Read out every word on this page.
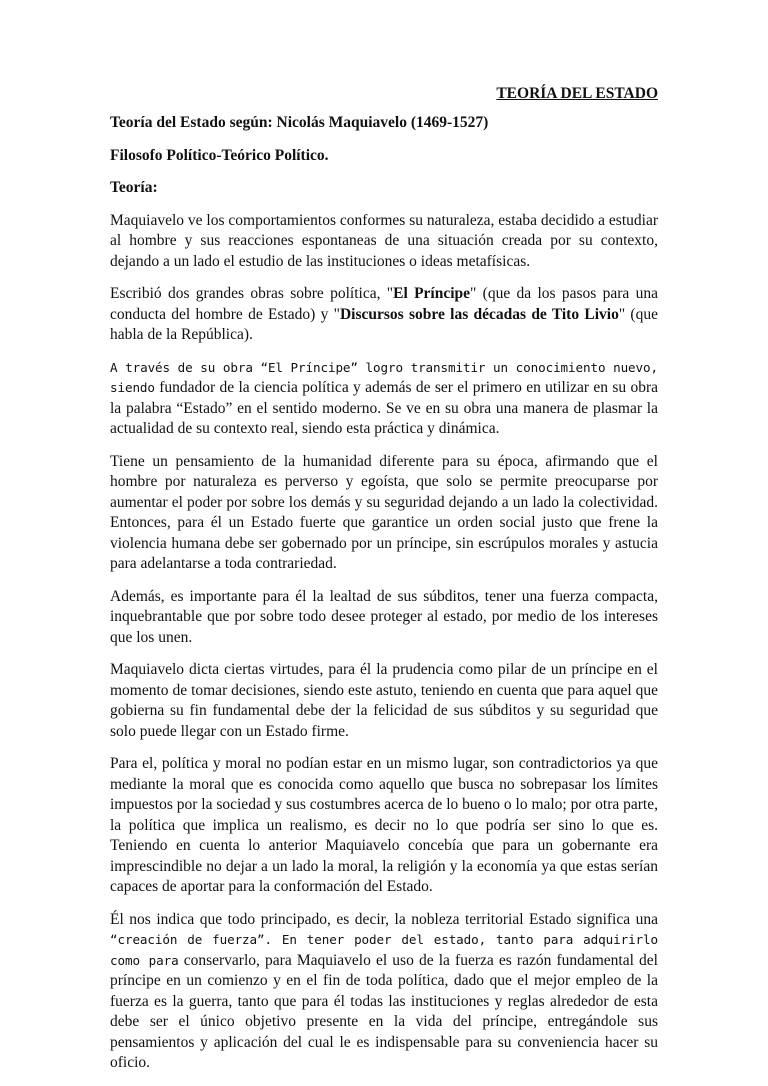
TEORÍA DEL ESTADO
Teoría del Estado según: Nicolás Maquiavelo (1469-1527)
Filosofo Político-Teórico Político.
Teoría:

Maquiavelo ve los comportamientos conformes su naturaleza, estaba decidido a estudiar al hombre y sus reacciones espontaneas de una situación creada por su contexto, dejando a un lado el estudio de las instituciones o ideas metafísicas.

Escribió dos grandes obras sobre política, "El Príncipe" (que da los pasos para una conducta del hombre de Estado) y "Discursos sobre las décadas de Tito Livio" (que habla de la República).

A través de su obra “El Príncipe” logro transmitir un conocimiento nuevo, siendo fundador de la ciencia política y además de ser el primero en utilizar en su obra la palabra “Estado” en el sentido moderno. Se ve en su obra una manera de plasmar la actualidad de su contexto real, siendo esta práctica y dinámica.

Tiene un pensamiento de la humanidad diferente para su época, afirmando que el hombre por naturaleza es perverso y egoísta, que solo se permite preocuparse por aumentar el poder por sobre los demás y su seguridad dejando a un lado la colectividad. Entonces, para él un Estado fuerte que garantice un orden social justo que frene la violencia humana debe ser gobernado por un príncipe, sin escrúpulos morales y astucia para adelantarse a toda contrariedad.

Además, es importante para él la lealtad de sus súbditos, tener una fuerza compacta, inquebrantable que por sobre todo desee proteger al estado, por medio de los intereses que los unen.

Maquiavelo dicta ciertas virtudes, para él la prudencia como pilar de un príncipe en el momento de tomar decisiones, siendo este astuto, teniendo en cuenta que para aquel que gobierna su fin fundamental debe der la felicidad de sus súbditos y su seguridad que solo puede llegar con un Estado firme.

Para el, política y moral no podían estar en un mismo lugar, son contradictorios ya que mediante la moral que es conocida como aquello que busca no sobrepasar los límites impuestos por la sociedad y sus costumbres acerca de lo bueno o lo malo; por otra parte, la política que implica un realismo, es decir no lo que podría ser sino lo que es. Teniendo en cuenta lo anterior Maquiavelo concebía que para un gobernante era imprescindible no dejar a un lado la moral, la religión y la economía ya que estas serían capaces de aportar para la conformación del Estado.

Él nos indica que todo principado, es decir, la nobleza territorial Estado significa una “creación de fuerza”. En tener poder del estado, tanto para adquirirlo como para conservarlo, para Maquiavelo el uso de la fuerza es razón fundamental del príncipe en un comienzo y en el fin de toda política, dado que el mejor empleo de la fuerza es la guerra, tanto que para él todas las instituciones y reglas alrededor de esta debe ser el único objetivo presente en la vida del príncipe, entregándole sus pensamientos y aplicación del cual le es indispensable para su conveniencia hacer su oficio.
